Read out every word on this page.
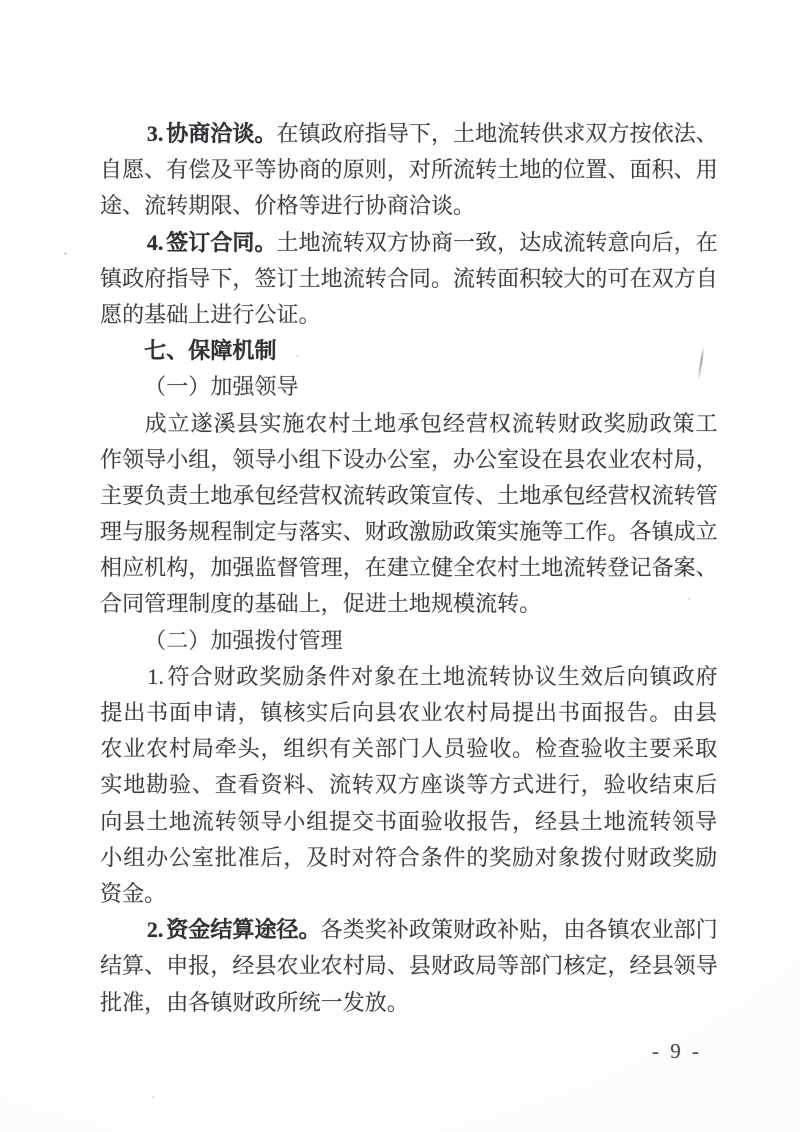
3. 协商洽谈。在镇政府指导下，土地流转供求双方按依法、
自愿、有偿及平等协商的原则，对所流转土地的位置、面积、用
途、流转期限、价格等进行协商洽谈。
4. 签订合同。土地流转双方协商一致，达成流转意向后，在
镇政府指导下，签订土地流转合同。流转面积较大的可在双方自
愿的基础上进行公证。
七、保障机制
（一）加强领导
成立遂溪县实施农村土地承包经营权流转财政奖励政策工
作领导小组，领导小组下设办公室，办公室设在县农业农村局，
主要负责土地承包经营权流转政策宣传、土地承包经营权流转管
理与服务规程制定与落实、财政激励政策实施等工作。各镇成立
相应机构，加强监督管理，在建立健全农村土地流转登记备案、
合同管理制度的基础上，促进土地规模流转。
（二）加强拨付管理
1. 符合财政奖励条件对象在土地流转协议生效后向镇政府
提出书面申请，镇核实后向县农业农村局提出书面报告。由县
农业农村局牵头，组织有关部门人员验收。检查验收主要采取
实地勘验、查看资料、流转双方座谈等方式进行，验收结束后
向县土地流转领导小组提交书面验收报告，经县土地流转领导
小组办公室批准后，及时对符合条件的奖励对象拨付财政奖励
资金。
2. 资金结算途径。各类奖补政策财政补贴，由各镇农业部门
结算、申报，经县农业农村局、县财政局等部门核定，经县领导
批准，由各镇财政所统一发放。
- 9 -
